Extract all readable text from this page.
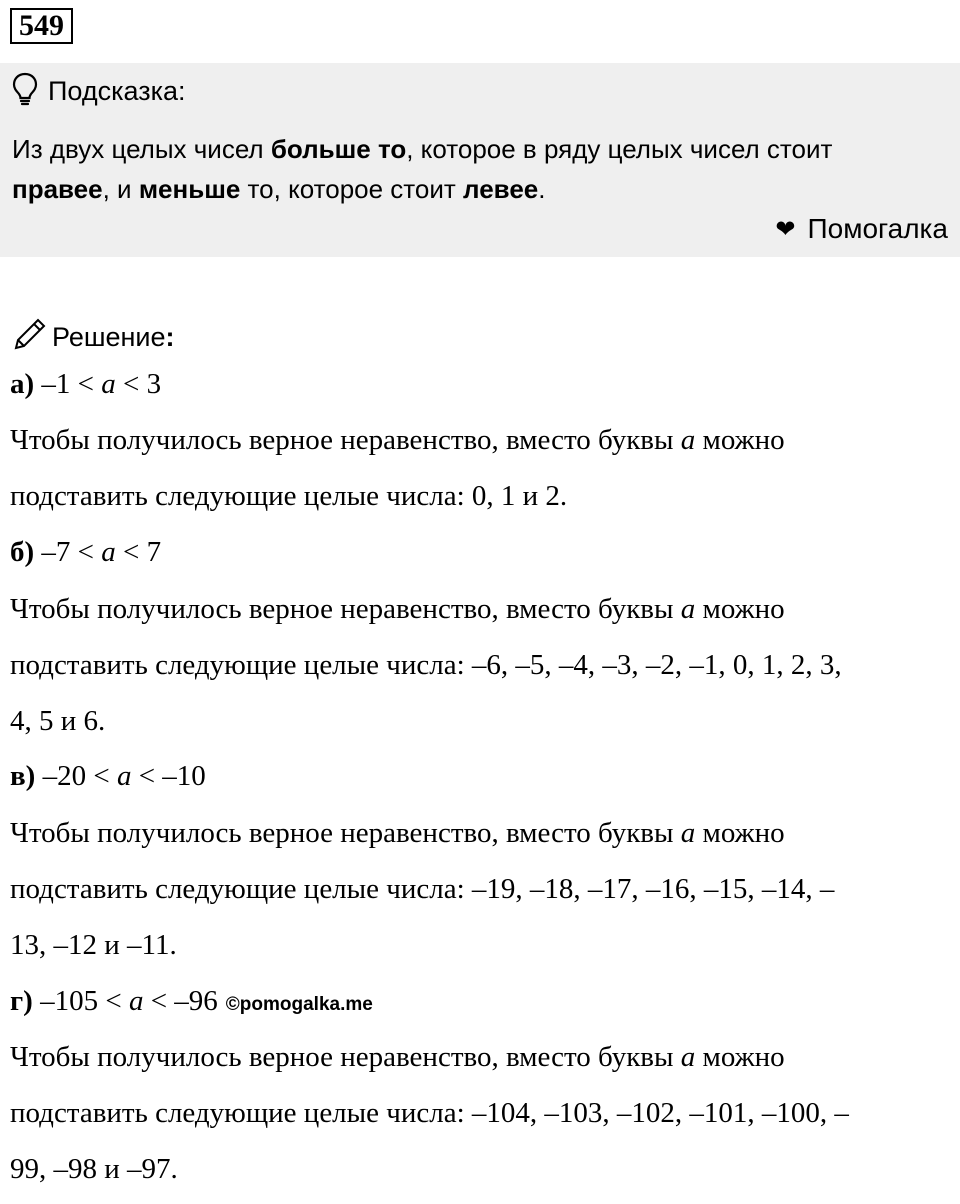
549
Подсказка:
Из двух целых чисел больше то, которое в ряду целых чисел стоит
правее, и меньше то, которое стоит левее.
❤ Помогалка
Решение :
а) –1 < a < 3
Чтобы получилось верное неравенство, вместо буквы a можно
подставить следующие целые числа: 0, 1 и 2.
б) –7 < a < 7
Чтобы получилось верное неравенство, вместо буквы a можно
подставить следующие целые числа: –6, –5, –4, –3, –2, –1, 0, 1, 2, 3,
4, 5 и 6.
в) –20 < a < –10
Чтобы получилось верное неравенство, вместо буквы a можно
подставить следующие целые числа: –19, –18, –17, –16, –15, –14, –
13, –12 и –11.
г) –105 < a < –96 ©pomogalka.me
Чтобы получилось верное неравенство, вместо буквы a можно
подставить следующие целые числа: –104, –103, –102, –101, –100, –
99, –98 и –97.
